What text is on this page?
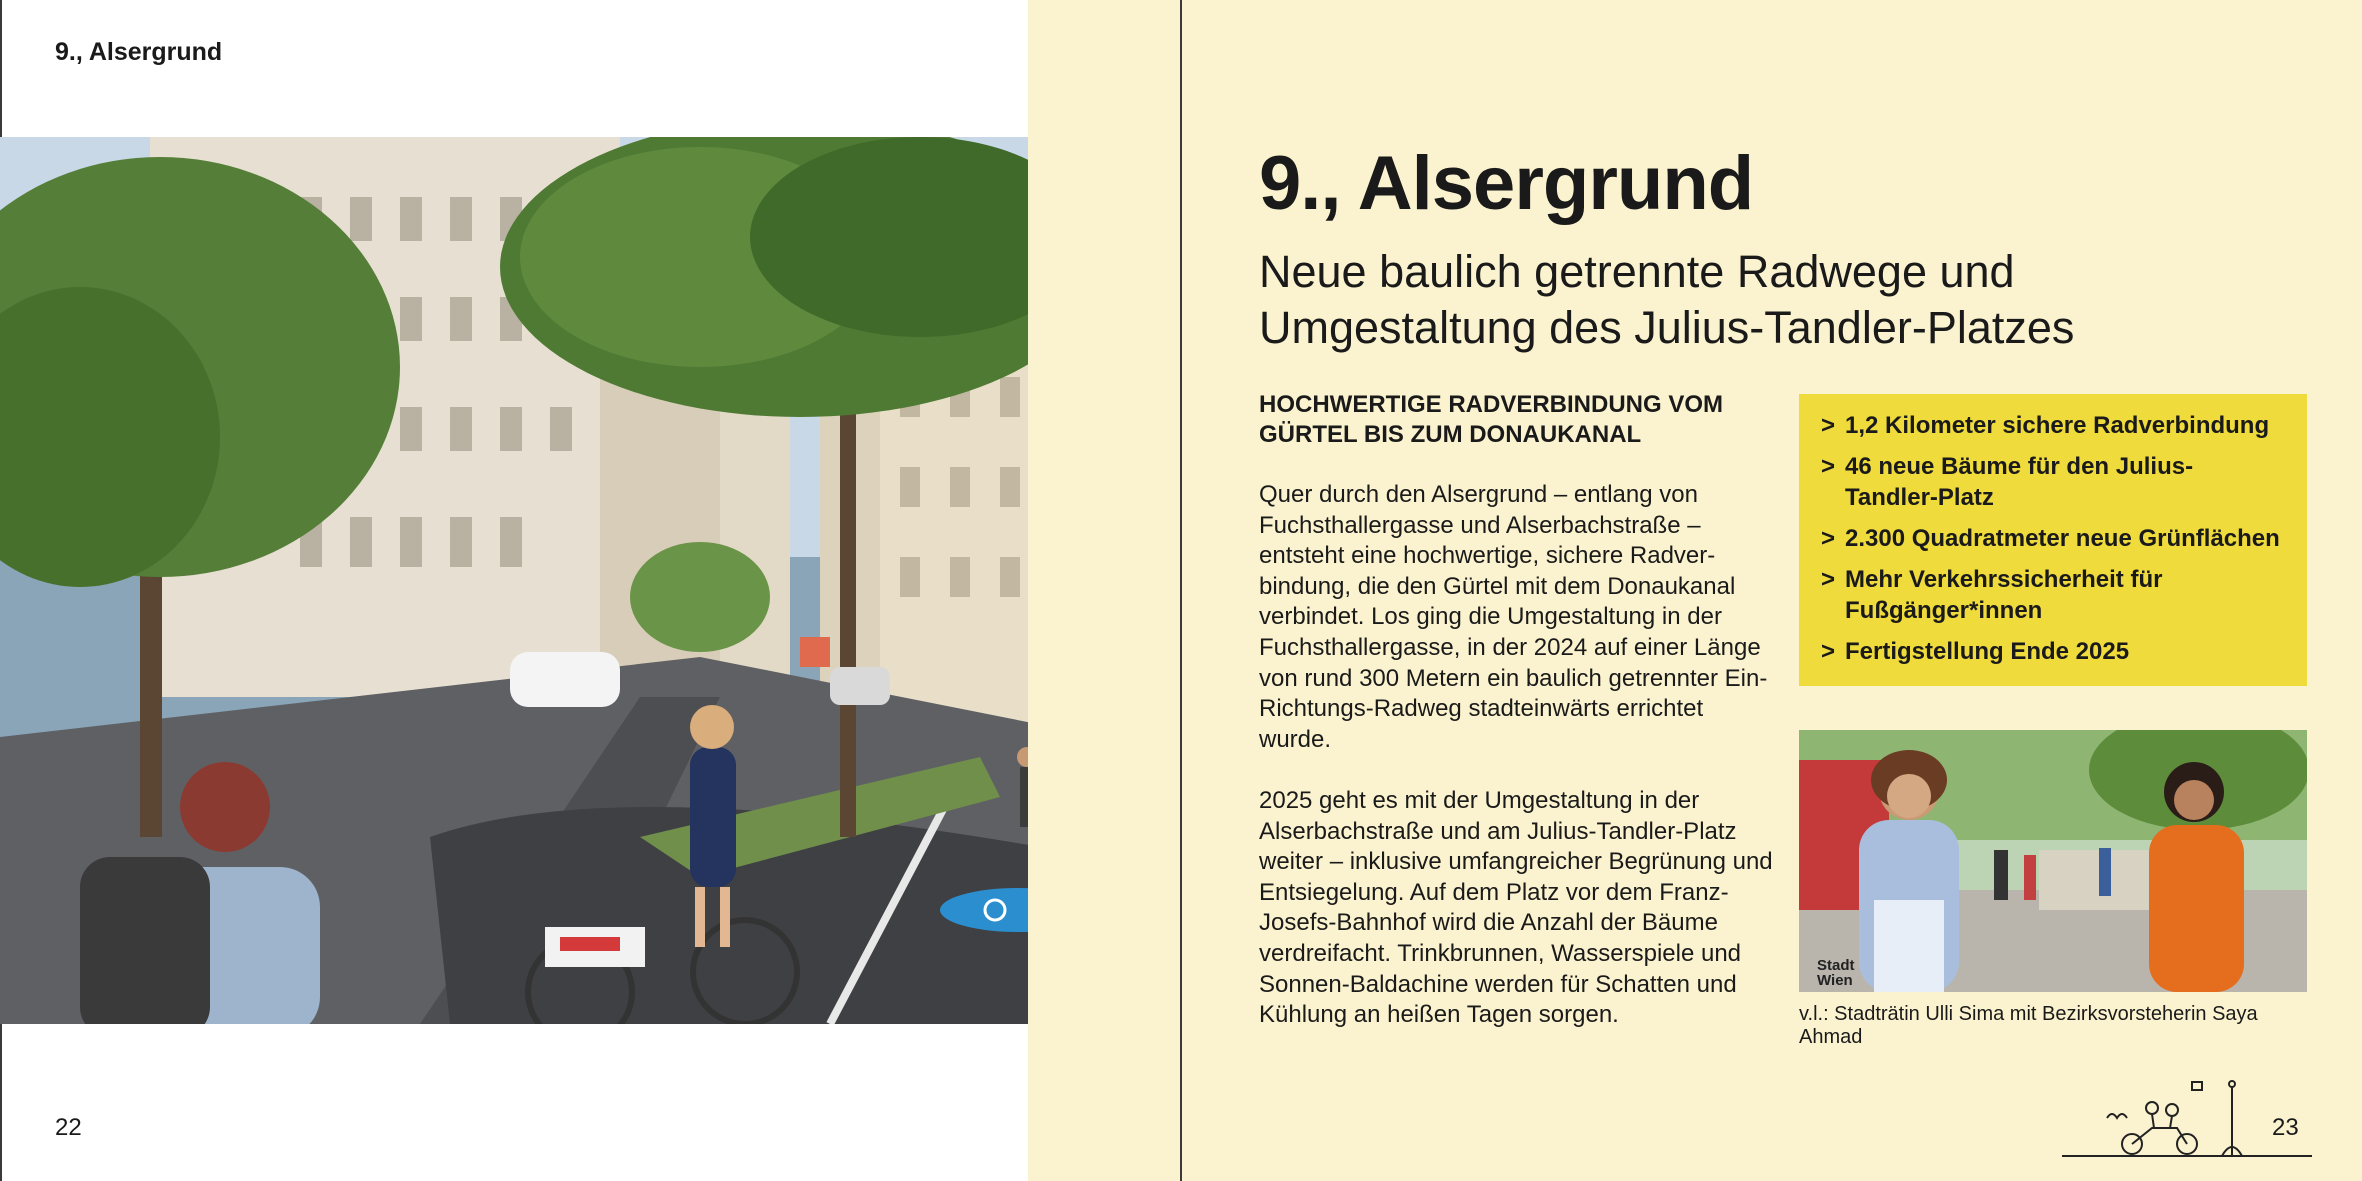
9., Alsergrund
22
9., Alsergrund
Neue baulich getrennte Radwege und Umgestaltung des Julius-Tandler-Platzes
HOCHWERTIGE RADVERBINDUNG VOM GÜRTEL BIS ZUM DONAUKANAL
Quer durch den Alsergrund – entlang von Fuchsthallergasse und Alserbachstraße – entsteht eine hochwertige, sichere Radverbindung, die den Gürtel mit dem Donaukanal verbindet. Los ging die Umgestaltung in der Fuchsthallergasse, in der 2024 auf einer Länge von rund 300 Metern ein baulich getrennter Ein-Richtungs-Radweg stadteinwärts errichtet wurde.
2025 geht es mit der Umgestaltung in der Alserbachstraße und am Julius-Tandler-Platz weiter – inklusive umfangreicher Begrünung und Entsiegelung. Auf dem Platz vor dem Franz-Josefs-Bahnhof wird die Anzahl der Bäume verdreifacht. Trinkbrunnen, Wasserspiele und Sonnen-Baldachine werden für Schatten und Kühlung an heißen Tagen sorgen.
> 1,2 Kilometer sichere Radverbindung
> 46 neue Bäume für den Julius-Tandler-Platz
> 2.300 Quadratmeter neue Grünflächen
> Mehr Verkehrssicherheit für Fußgänger*innen
> Fertigstellung Ende 2025
Stadt
Wien
v.l.: Stadträtin Ulli Sima mit Bezirksvorsteherin Saya Ahmad
23
